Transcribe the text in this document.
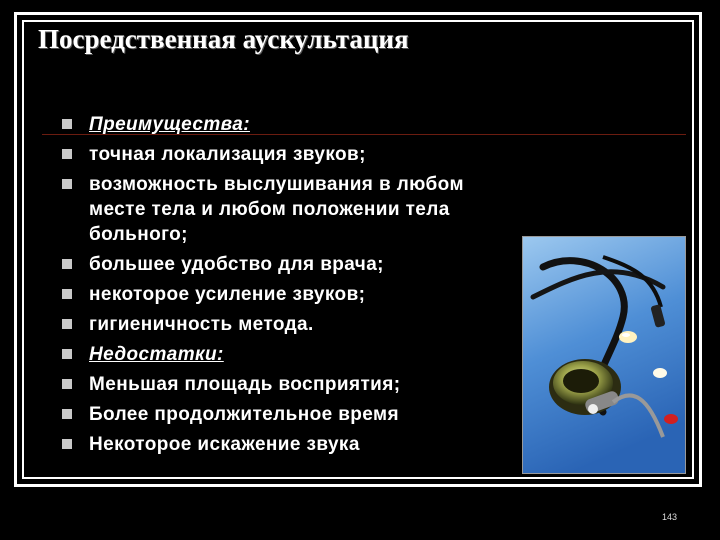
Посредственная аускультация
Преимущества:
точная локализация звуков;
возможность выслушивания в любом месте тела и любом положении тела больного;
большее удобство для врача;
некоторое усиление звуков;
гигиеничность метода.
Недостатки:
Меньшая площадь восприятия;
Более продолжительное время
Некоторое искажение звука
143
